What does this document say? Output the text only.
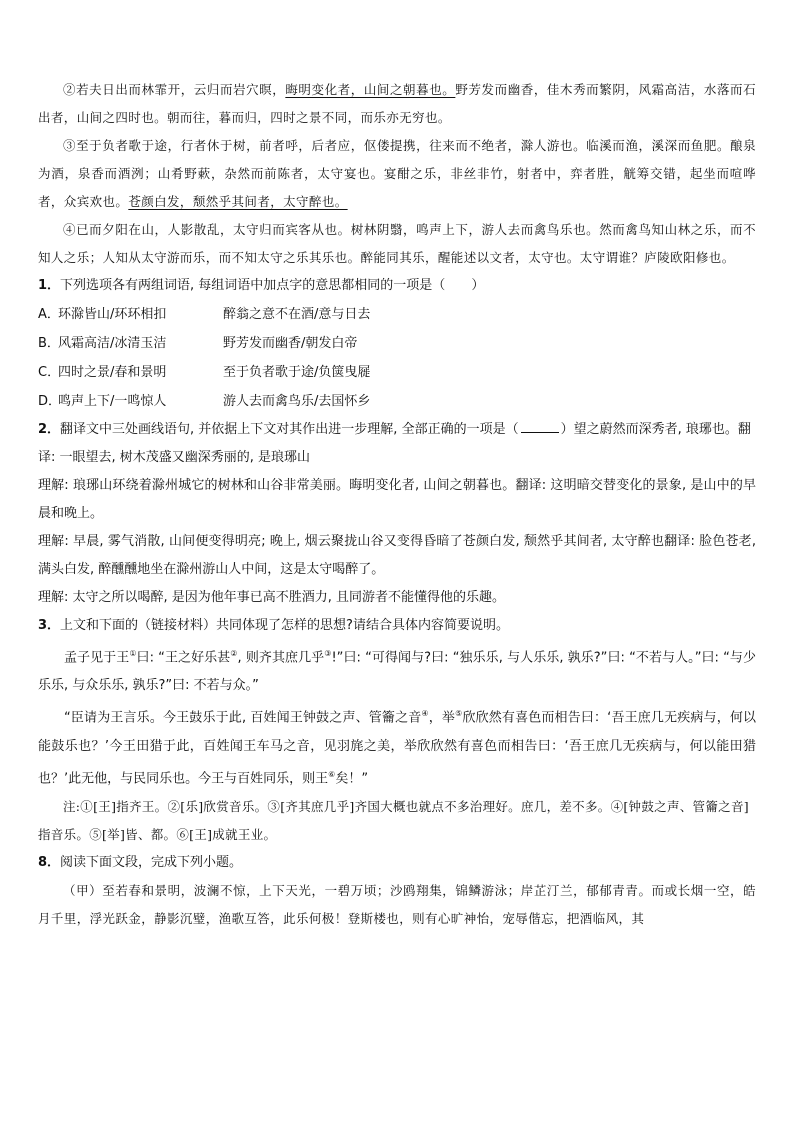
②若夫日出而林霏开，云归而岩穴暝，晦明变化者，山间之朝暮也。野芳发而幽香，佳木秀而繁阴，风霜高洁，水落而石出者，山间之四时也。朝而往，暮而归，四时之景不同，而乐亦无穷也。

③至于负者歌于途，行者休于树，前者呼，后者应，伛偻提携，往来而不绝者，滁人游也。临溪而渔，溪深而鱼肥。酿泉为酒，泉香而酒洌；山肴野蔌，杂然而前陈者，太守宴也。宴酣之乐，非丝非竹，射者中，弈者胜，觥筹交错，起坐而喧哗者，众宾欢也。苍颜白发，颓然乎其间者，太守醉也。

④已而夕阳在山，人影散乱，太守归而宾客从也。树林阴翳，鸣声上下，游人去而禽鸟乐也。然而禽鸟知山林之乐，而不知人之乐；人知从太守游而乐，而不知太守之乐其乐也。醉能同其乐，醒能述以文者，太守也。太守谓谁？庐陵欧阳修也。

1．下列选项各有两组词语, 每组词语中加点字的意思都相同的一项是（ ）

A．
环滁皆山/环环相扣	醉翁之意不在酒/意与日去
B．
风霜高洁/冰清玉洁	野芳发而幽香/朝发白帝
C．
四时之景/春和景明	至于负者歌于途/负箧曳屣
D．
鸣声上下/一鸣惊人	游人去而禽鸟乐/去国怀乡

2．翻译文中三处画线语句, 并依据上下文对其作出进一步理解, 全部正确的一项是（	）望之蔚然而深秀者, 琅琊也。翻译: 一眼望去, 树木茂盛又幽深秀丽的, 是琅琊山

理解: 琅琊山环绕着滁州城它的树林和山谷非常美丽。晦明变化者, 山间之朝暮也。翻译: 这明暗交替变化的景象, 是山中的早晨和晚上。

理解: 早晨, 雾气消散, 山间便变得明亮; 晚上, 烟云聚拢山谷又变得昏暗了苍颜白发, 颓然乎其间者, 太守醉也翻译: 脸色苍老, 满头白发, 醉醺醺地坐在滁州游山人中间，这是太守喝醉了。

理解: 太守之所以喝醉, 是因为他年事已高不胜酒力, 且同游者不能懂得他的乐趣。

3．上文和下面的（链接材料）共同体现了怎样的思想?请结合具体内容简要说明。

孟子见于王①曰: “王之好乐甚②, 则齐其庶几乎③!”曰: “可得闻与?曰: “独乐乐, 与人乐乐, 孰乐?”曰: “不若与人。”曰: “与少乐乐, 与众乐乐, 孰乐?”曰: 不若与众。”

“臣请为王言乐。今王鼓乐于此, 百姓闻王钟鼓之声、管籥之音④，举⑤欣欣然有喜色而相告曰：‘吾王庶几无疾病与，何以能鼓乐也？’今王田猎于此，百姓闻王车马之音，见羽旄之美，举欣欣然有喜色而相告曰：‘吾王庶几无疾病与，何以能田猎也？’此无他，与民同乐也。今王与百姓同乐，则王⑥矣！”

注:①[王]指齐王。②[乐]欣赏音乐。③[齐其庶几乎]齐国大概也就点不多治理好。庶几，差不多。④[钟鼓之声、管籥之音]指音乐。⑤[举]皆、都。⑥[王]成就王业。

8．阅读下面文段，完成下列小题。

（甲）至若春和景明，波澜不惊，上下天光，一碧万顷；沙鸥翔集，锦鳞游泳；岸芷汀兰，郁郁青青。而或长烟一空，皓月千里，浮光跃金，静影沉璧，渔歌互答，此乐何极！登斯楼也，则有心旷神怡，宠辱偕忘，把酒临风，其
